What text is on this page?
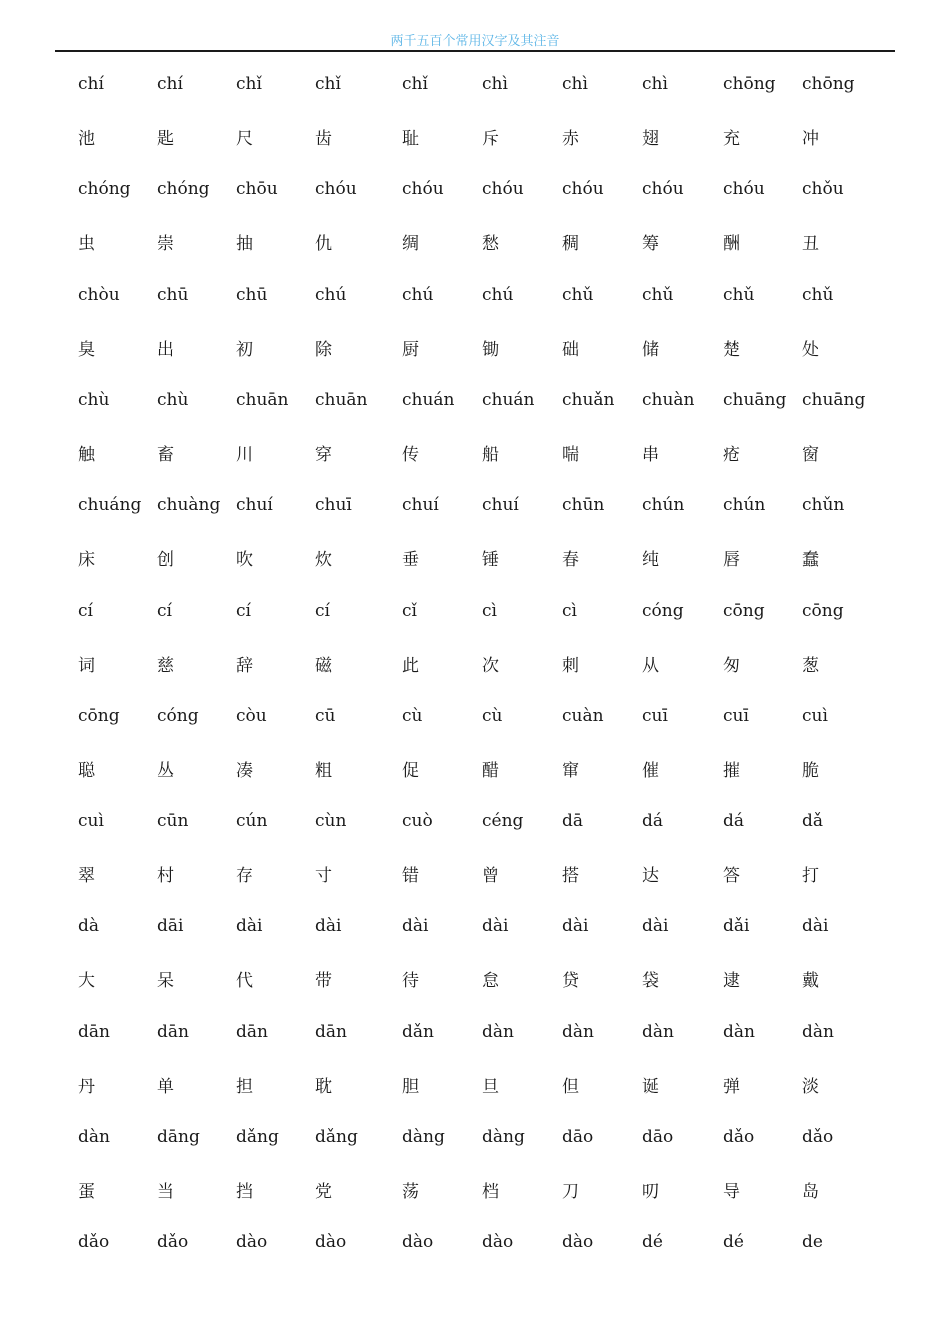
两千五百个常用汉字及其注音
chí	chí	chǐ	chǐ	chǐ	chì	chì	chì	chōng chōng
池	匙	尺	齿	耻	斥	赤	翅	充	冲
chóng chóng chōu chóu	chóu chóu chóu chóu chóu chǒu
虫	崇	抽	仇	绸	愁	稠	筹	酬	丑
chòu chū	chū	chú	chú	chú	chǔ	chǔ	chǔ	chǔ
臭	出	初	除	厨	锄	础	储	楚	处
chù	chù	chuān chuān chuán chuán chuǎn chuàn chuāng chuāng
触	畜	川	穿	传	船	喘	串	疮	窗
chuáng chuàng chuí chuī	chuí	chuí	chūn chún chún chǔn
床	创	吹	炊	垂	锤	春	纯	唇	蠢
cí	cí	cí	cí	cǐ	cì	cì	cóng cōng cōng
词	慈	辞	磁	此	次	刺	从	匆	葱
cōng cóng còu	cū	cù	cù	cuàn cuī	cuī	cuì
聪	丛	凑	粗	促	醋	窜	催	摧	脆
cuì	cūn	cún	cùn	cuò	céng dā	dá	dá	dǎ
翠	村	存	寸	错	曾	搭	达	答	打
dà	dāi	dài	dài	dài	dài	dài	dài	dǎi	dài
大	呆	代	带	待	怠	贷	袋	逮	戴
dān	dān	dān	dān	dǎn	dàn	dàn	dàn	dàn	dàn
丹	单	担	耽	胆	旦	但	诞	弹	淡
dàn	dāng dǎng dǎng	dàng dàng dāo	dāo	dǎo	dǎo
蛋	当	挡	党	荡	档	刀	叨	导	岛
dǎo	dǎo	dào	dào	dào	dào	dào	dé	dé	de
